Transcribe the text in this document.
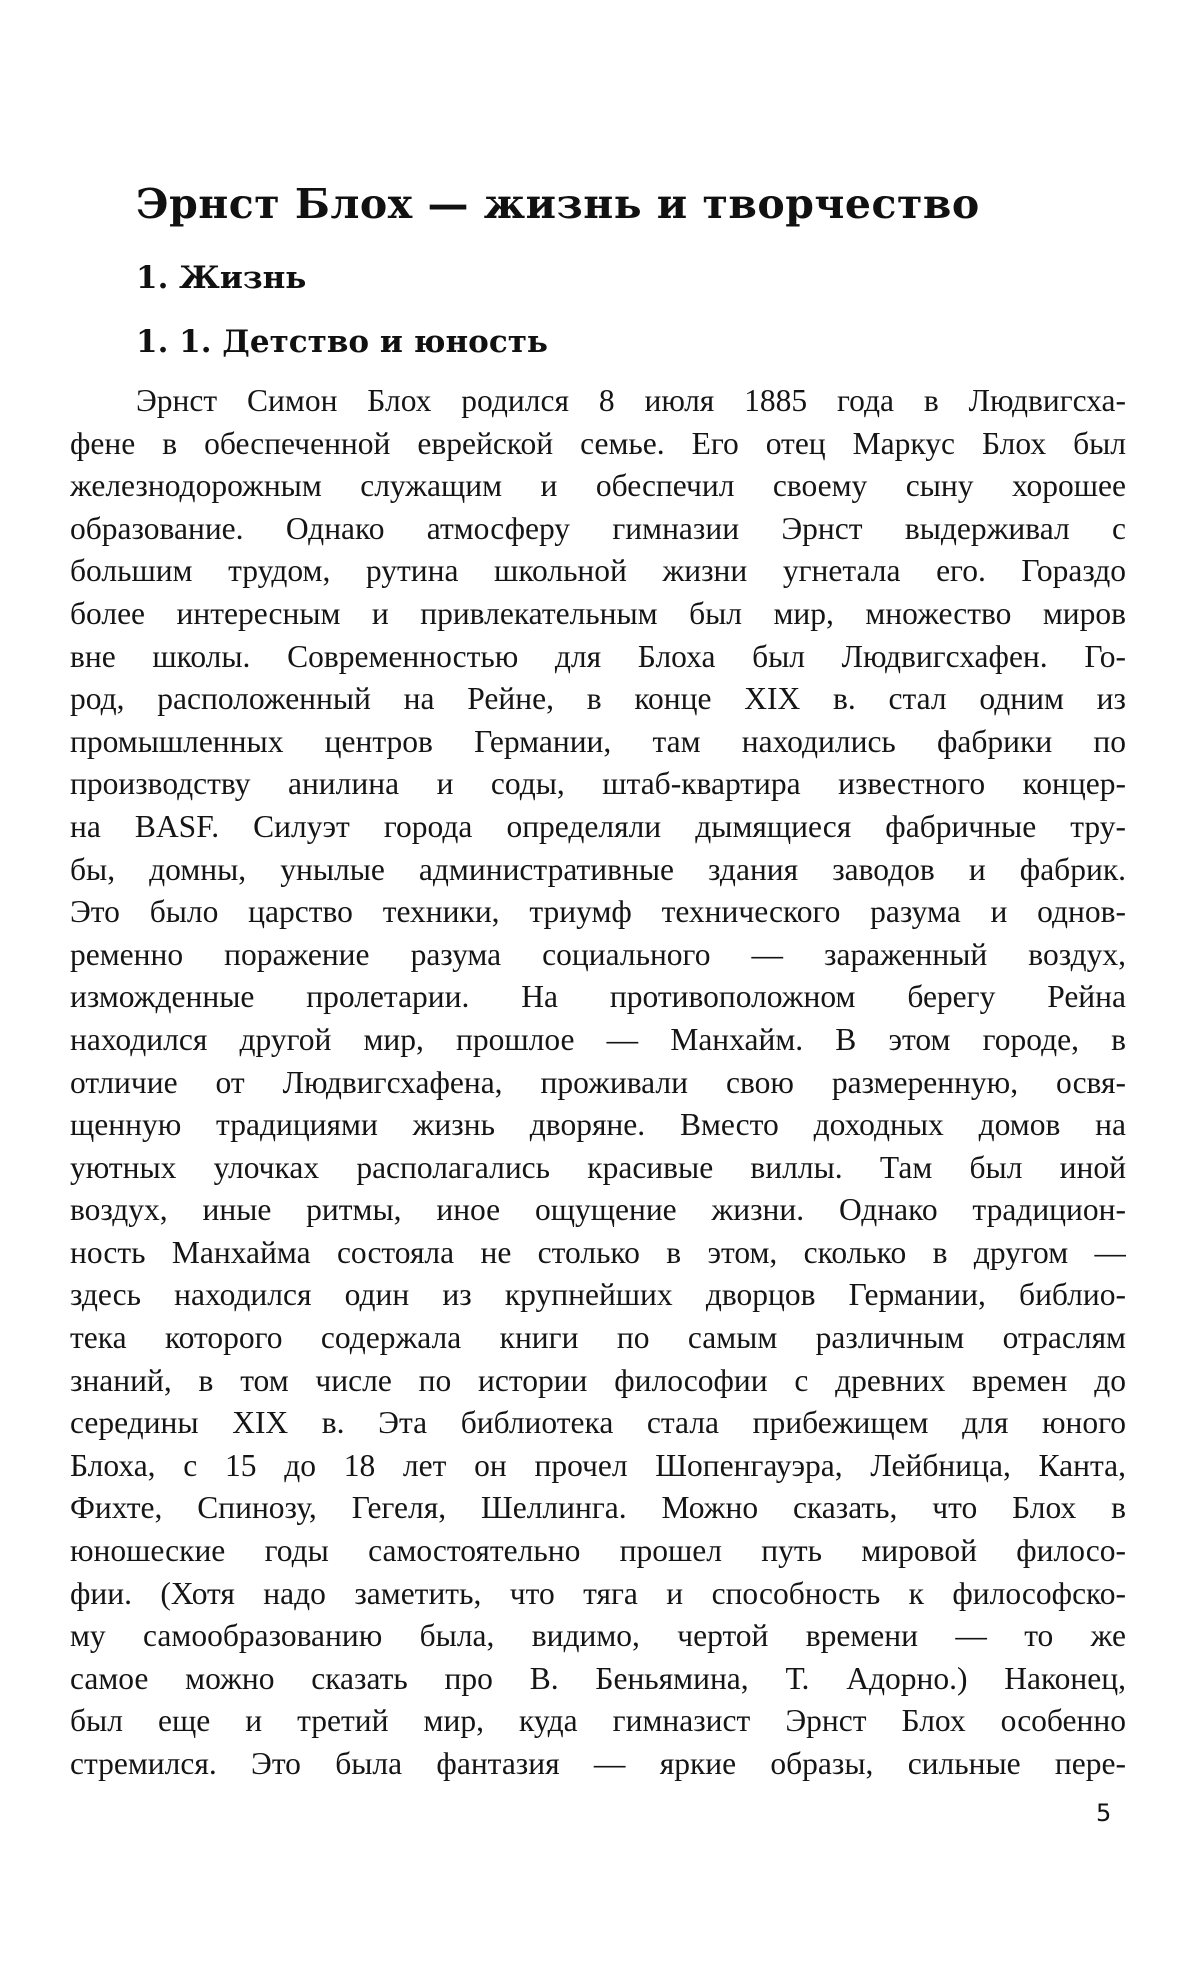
Эрнст Блох — жизнь и творчество
1. Жизнь
1. 1. Детство и юность
Эрнст Симон Блох родился 8 июля 1885 года в Людвигсха-
фене в обеспеченной еврейской семье. Его отец Маркус Блох был
железнодорожным служащим и обеспечил своему сыну хорошее
образование. Однако атмосферу гимназии Эрнст выдерживал с
большим трудом, рутина школьной жизни угнетала его. Гораздо
более интересным и привлекательным был мир, множество миров
вне школы. Современностью для Блоха был Людвигсхафен. Го-
род, расположенный на Рейне, в конце XIX в. стал одним из
промышленных центров Германии, там находились фабрики по
производству анилина и соды, штаб-квартира известного концер-
на BASF. Силуэт города определяли дымящиеся фабричные тру-
бы, домны, унылые административные здания заводов и фабрик.
Это было царство техники, триумф технического разума и однов-
ременно поражение разума социального — зараженный воздух,
изможденные пролетарии. На противоположном берегу Рейна
находился другой мир, прошлое — Манхайм. В этом городе, в
отличие от Людвигсхафена, проживали свою размеренную, освя-
щенную традициями жизнь дворяне. Вместо доходных домов на
уютных улочках располагались красивые виллы. Там был иной
воздух, иные ритмы, иное ощущение жизни. Однако традицион-
ность Манхайма состояла не столько в этом, сколько в другом —
здесь находился один из крупнейших дворцов Германии, библио-
тека которого содержала книги по самым различным отраслям
знаний, в том числе по истории философии с древних времен до
середины XIX в. Эта библиотека стала прибежищем для юного
Блоха, с 15 до 18 лет он прочел Шопенгауэра, Лейбница, Канта,
Фихте, Спинозу, Гегеля, Шеллинга. Можно сказать, что Блох в
юношеские годы самостоятельно прошел путь мировой филосо-
фии. (Хотя надо заметить, что тяга и способность к философско-
му самообразованию была, видимо, чертой времени — то же
самое можно сказать про В. Беньямина, Т. Адорно.) Наконец,
был еще и третий мир, куда гимназист Эрнст Блох особенно
стремился. Это была фантазия — яркие образы, сильные пере-
5
